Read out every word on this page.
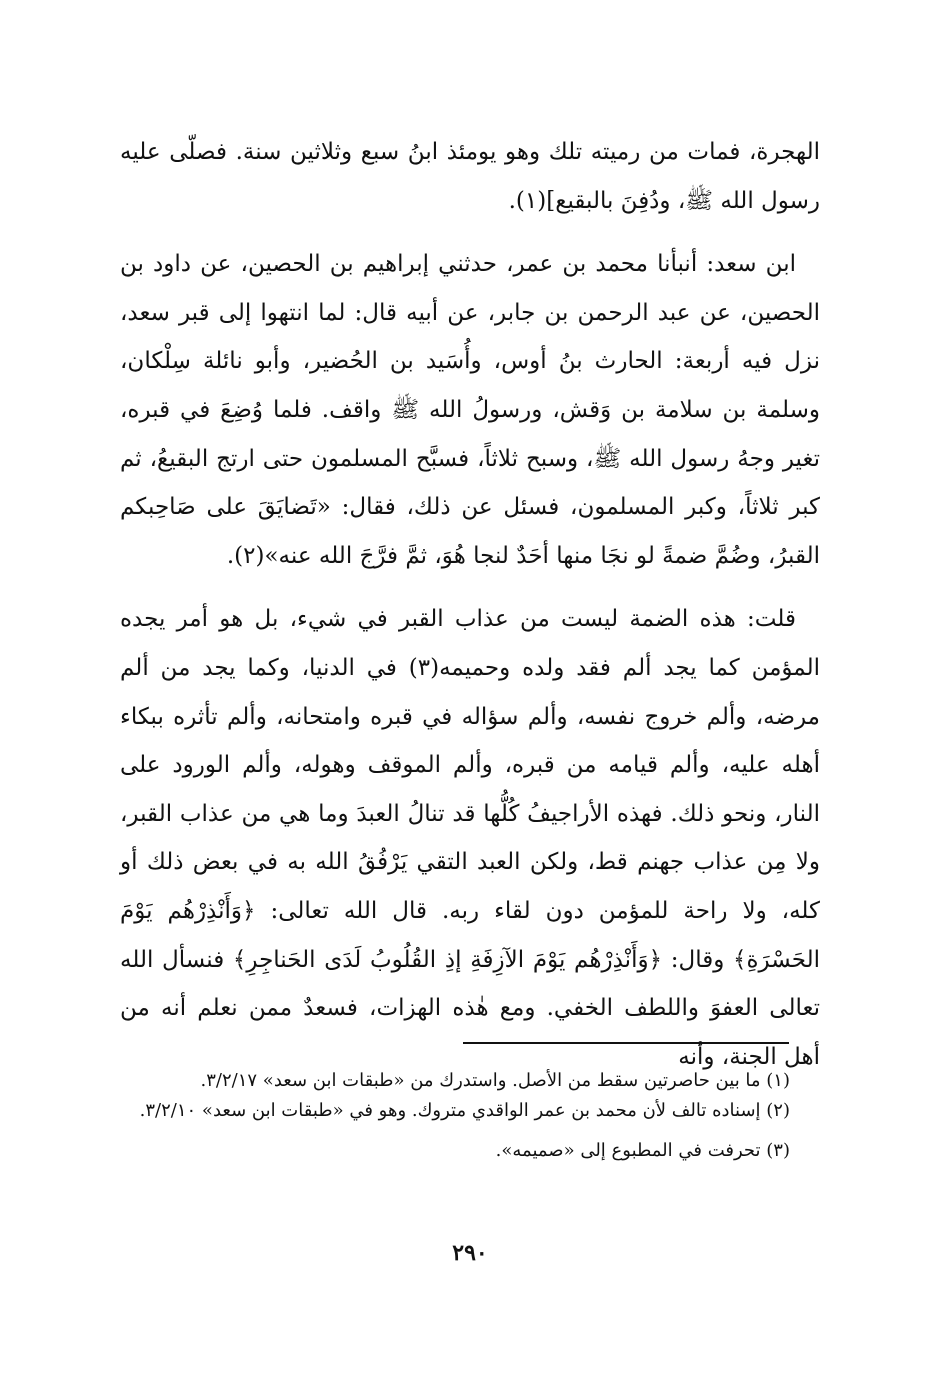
الهجرة، فمات من رميته تلك وهو يومئذ ابنُ سبع وثلاثين سنة. فصلّى عليه رسول الله ﷺ، ودُفِنَ بالبقيع](١).

ابن سعد: أنبأنا محمد بن عمر، حدثني إبراهيم بن الحصين، عن داود بن الحصين، عن عبد الرحمن بن جابر، عن أبيه قال: لما انتهوا إلى قبر سعد، نزل فيه أربعة: الحارث بنُ أوس، وأُسَيد بن الحُضير، وأبو نائلة سِلْكان، وسلمة بن سلامة بن وَقش، ورسولُ الله ﷺ واقف. فلما وُضِعَ في قبره، تغير وجهُ رسول الله ﷺ، وسبح ثلاثاً، فسبَّح المسلمون حتى ارتج البقيعُ، ثم كبر ثلاثاً، وكبر المسلمون، فسئل عن ذلك، فقال: «تَضايَقَ على صَاحِبكم القبرُ، وضُمَّ ضمةً لو نجَا منها أحَدٌ لنجا هُوَ، ثمَّ فرَّجَ الله عنه»(٢).

قلت: هذه الضمة ليست من عذاب القبر في شيء، بل هو أمر يجده المؤمن كما يجد ألم فقد ولده وحميمه(٣) في الدنيا، وكما يجد من ألم مرضه، وألم خروج نفسه، وألم سؤاله في قبره وامتحانه، وألم تأثره ببكاء أهله عليه، وألم قيامه من قبره، وألم الموقف وهوله، وألم الورود على النار، ونحو ذلك. فهذه الأراجيفُ كُلُّها قد تنالُ العبدَ وما هي من عذاب القبر، ولا مِن عذاب جهنم قط، ولكن العبد التقي يَرْفُقُ الله به في بعض ذلك أو كله، ولا راحة للمؤمن دون لقاء ربه. قال الله تعالى: ﴿وَأَنْذِرْهُم يَوْمَ الحَسْرَةِ﴾ وقال: ﴿وَأَنْذِرْهُم يَوْمَ الآزِفَةِ إذِ القُلُوبُ لَدَى الحَناجِرِ﴾ فنسأل الله تعالى العفوَ واللطف الخفي. ومع هٰذه الهزات، فسعدٌ ممن نعلم أنه من أهل الجنة، وأنه

(١) ما بين حاصرتين سقط من الأصل. واستدرك من «طبقات ابن سعد» ٣/٢/١٧.

(٢) إسناده تالف لأن محمد بن عمر الواقدي متروك. وهو في «طبقات ابن سعد» ٣/٢/١٠.

(٣) تحرفت في المطبوع إلى «صميمه».

٢٩٠
